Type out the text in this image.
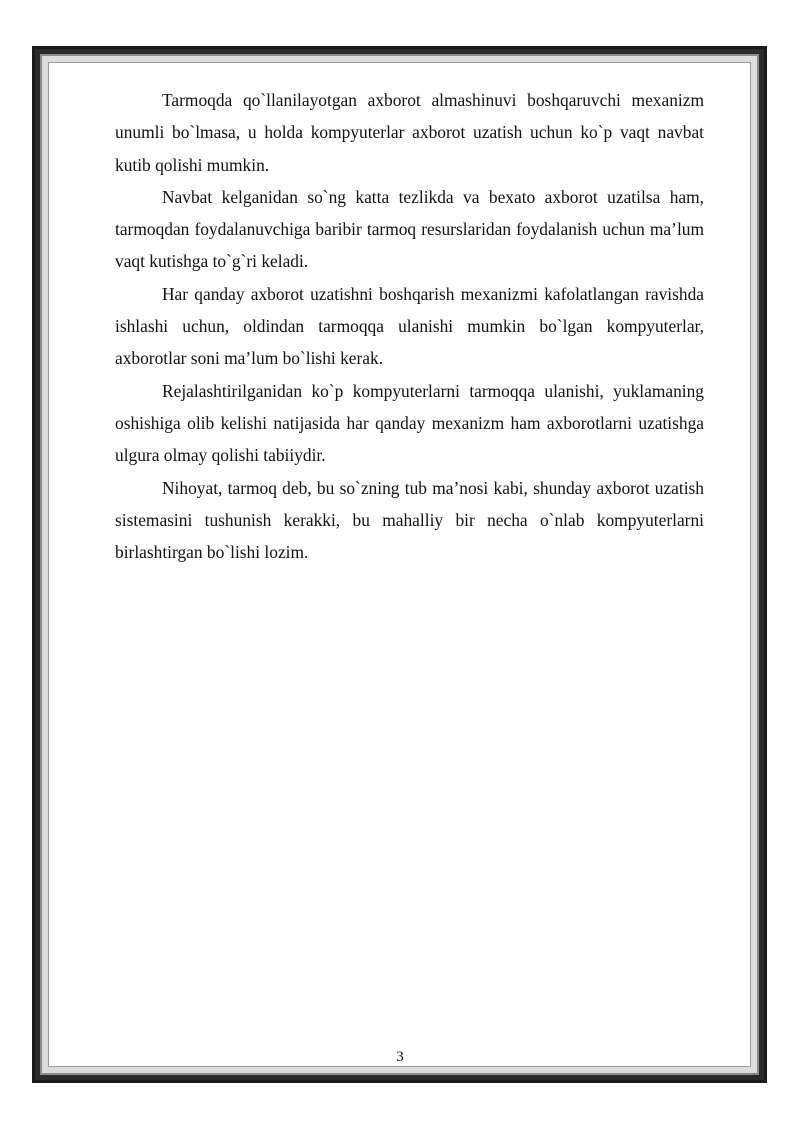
Tarmoqda qo`llanilayotgan axborot almashinuvi boshqaruvchi mexanizm unumli bo`lmasa, u holda kompyuterlar axborot uzatish uchun ko`p vaqt navbat kutib qolishi mumkin.

Navbat kelganidan so`ng katta tezlikda va bexato axborot uzatilsa ham, tarmoqdan foydalanuvchiga baribir tarmoq resurslaridan foydalanish uchun ma’lum vaqt kutishga to`g`ri keladi.

Har qanday axborot uzatishni boshqarish mexanizmi kafolatlangan ravishda ishlashi uchun, oldindan tarmoqqa ulanishi mumkin bo`lgan kompyuterlar, axborotlar soni ma’lum bo`lishi kerak.

Rejalashtirilganidan ko`p kompyuterlarni tarmoqqa ulanishi, yuklamaning oshishiga olib kelishi natijasida har qanday mexanizm ham axborotlarni uzatishga ulgura olmay qolishi tabiiydir.

Nihoyat, tarmoq deb, bu so`zning tub ma’nosi kabi, shunday axborot uzatish sistemasini tushunish kerakki, bu mahalliy bir necha o`nlab kompyuterlarni birlashtirgan bo`lishi lozim.

3
